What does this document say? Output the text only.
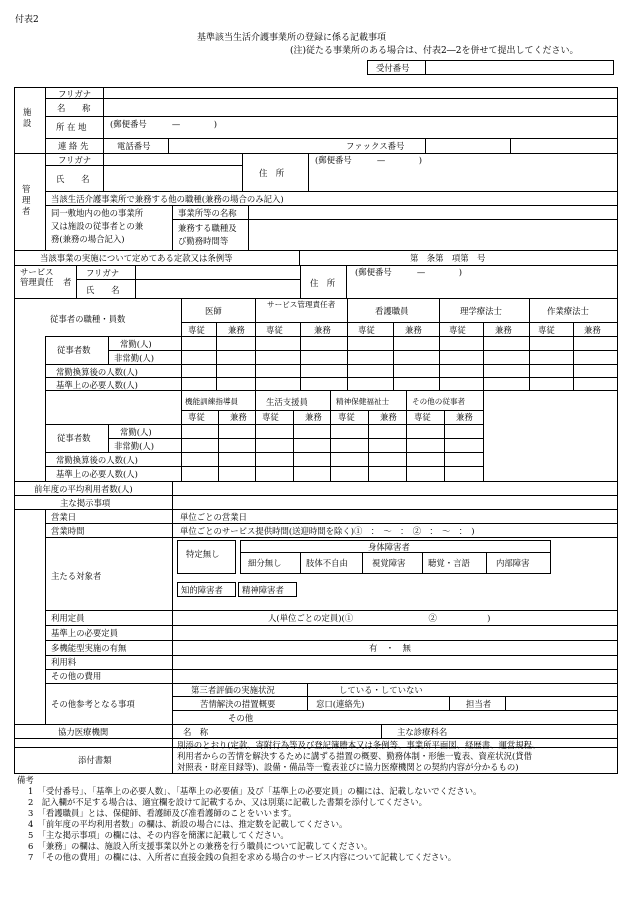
付表2
基準該当生活介護事業所の登録に係る記載事項
(注)従たる事業所のある場合は、付表2―2を併せて提出してください。
受付番号
施設
フリガナ
名　　称
所 在 地	(郵便番号　　　—　　　　)
連 絡 先	電話番号	ファックス番号
管理者
フリガナ
氏　　名
住　所
(郵便番号　　　—　　　　)
当該生活介護事業所で兼務する他の職種(兼務の場合のみ記入)
同一敷地内の他の事業所
又は施設の従事者との兼
務(兼務の場合記入)
事業所等の名称
兼務する職種及
び勤務時間等
当該事業の実施について定めてある定款又は条例等	第　条第　項第　号
サービス
管理責任 者
フリガナ
氏　　名
住　所
(郵便番号　　　—　　　　)
従事者の職種・員数
医師
サービス管理責任者
看護職員	理学療法士	作業療法士
専従	兼務	専従	兼務	専従	兼務	専従	兼務	専従	兼務
従事者数
常勤(人)
非常勤(人)
常勤換算後の人数(人)
基準上の必要人数(人)
機能訓練指導員	生活支援員	精神保健福祉士	その他の従事者
専従	兼務 専従	兼務 専従	兼務 専従	兼務
従事者数
常勤(人)
非常勤(人)
常勤換算後の人数(人)
基準上の必要人数(人)
前年度の平均利用者数(人)
主な掲示事項
営業日	単位ごとの営業日
営業時間	単位ごとのサービス提供時間(送迎時間を除く)①　：　～　：　②　：　～　：　)
主たる対象者
特定無し
身体障害者
細分無し	肢体不自由	視覚障害	聴覚・言語	内部障害
知的障害者 精神障害者
利用定員	人(単位ごとの定員)(①　　　　　　　　　②　　　　　　)
基準上の必要定員
多機能型実施の有無	有　・　無
利用料
その他の費用
その他参考となる事項
第三者評価の実施状況	している・していない
苦情解決の措置概要	窓口(連絡先)	担当者
その他
協力医療機関	名　称	主な診療科名
添付書類
別添のとおり(定款、寄附行為等及び登記簿謄本又は条例等、事業所平面図、経歴書、運営規程、
利用者からの苦情を解決するために講ずる措置の概要、勤務体制・形態一覧表、資産状況(貸借
対照表・財産目録等)、設備・備品等一覧表並びに協力医療機関との契約内容が分かるもの)
備考
1　「受付番号」、「基準上の必要人数」、「基準上の必要値」及び「基準上の必要定員」の欄には、記載しないでください。
2　記入欄が不足する場合は、適宜欄を設けて記載するか、又は別葉に記載した書類を添付してください。
3　「看護職員」とは、保健師、看護師及び准看護師のことをいいます。
4　「前年度の平均利用者数」の欄は、新設の場合には、推定数を記載してください。
5　「主な掲示事項」の欄には、その内容を簡潔に記載してください。
6　「兼務」の欄は、施設入所支援事業以外との兼務を行う職員について記載してください。
7　「その他の費用」の欄には、入所者に直接金銭の負担を求める場合のサービス内容について記載してください。
